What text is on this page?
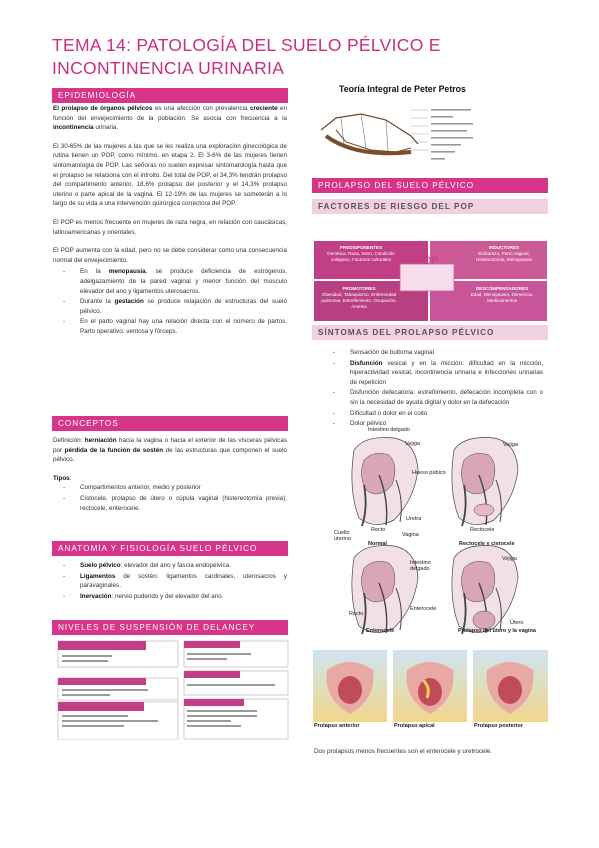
TEMA 14: PATOLOGÍA DEL SUELO PÉLVICO E INCONTINENCIA URINARIA
EPIDEMIOLOGÍA

El prolapso de órganos pélvicos es una afección con prevalencia creciente en función del envejecimiento de la población. Se asocia con frecuencia a la incontinencia urinaria.

El 30-65% de las mujeres a las que se les realiza una exploración ginecológica de rutina tienen un POP, como mínimo, en etapa 2. El 3-6% de las mujeres tienen sintomatología de POP. Las señoras no suelen expresar sintomatología hasta que el prolapso se relaciona con el introito. Del total de POP, el 34,3% tendrán prolapso del compartimento anterior, 18,6% prolapso del posterior y el 14,3% prolapso uterino o parte apical de la vagina. El 12-19% de las mujeres se someterán a lo largo de su vida a una intervención quirúrgica correctora del POP.

El POP es menos frecuente en mujeres de raza negra, en relación con caucásicas, latinoamericanas y orientales.

El POP aumenta con la edad, pero no se debe considerar como una consecuencia normal del envejecimiento.

- En la menopausia, se produce deficiencia de estrógenos, adelgazamiento de la pared vaginal y menor función del músculo elevador del ano y ligamentos uterosacros.
- Durante la gestación se produce relajación de estructuras del suelo pélvico.
- En el parto vaginal hay una relación directa con el número de partos. Parto operativo: ventosa y fórceps.
CONCEPTOS

Definición: herniación hacia la vagina o hacia el exterior de las vísceras pélvicas por pérdida de la función de sostén de las estructuras que componen el suelo pélvico.

Tipos:

- Compartimentos anterior, medio y posterior
- Cistocele, prolapso de útero o cúpula vaginal (histerectomía previa), rectocele, enterocele.
ANATOMÍA Y FISIOLOGÍA SUELO PÉLVICO
- Suelo pélvico: elevador del ano y fascia endopélvica.
- Ligamentos de sostén: ligamentos cardinales, uterosacros y paravaginales.
- Inervación: nervio pudendo y del elevador del ano.
NIVELES DE SUSPENSIÓN DE DELANCEY
Teoría Integral de Peter Petros
PROLAPSO DEL SUELO PÉLVICO
FACTORES DE RIESGO DEL POP
POP
PREDISPONENTES
Genética, Raza, Sexo, Condición colágeno, Factores culturales
INDUCTORES
Embarazo, Parto vaginal, Histerectomía, Menopausia
PROMOTORES
Obesidad, Tabaquismo, Enfermedad pulmonar, Estreñimiento, Ocupación, Anemia
DESCOMPENSADORES
Edad, Menopausia, Demencia, Medicamentos
SÍNTOMAS DEL PROLAPSO PÉLVICO
- Sensación de bultoma vaginal
- Disfunción vesical y en la micción: dificultad en la micción, hiperactividad vesical, incontinencia urinaria e infecciones urinarias de repetición
- Disfunción defecatoria: estreñimiento, defecación incompleta con o sin la necesidad de ayuda digital y dolor en la defecación
- Dificultad o dolor en el coito
- Dolor pélvico
Intestino delgado
Vejiga
Hueso púbico
Uretra
Recto
Vagina
Cuello uterino
Normal
Vejiga
Rectocele
Rectocele y cistocele
Intestino delgado
Enterocele
Recto
Vejiga
Útero
Enterocele	Prolapso del útero y la vagina
Prolapso anterior	Prolapso apical	Prolapso posterior
Dos prolapsos menos frecuentes son el enterocele y uretrocele.
